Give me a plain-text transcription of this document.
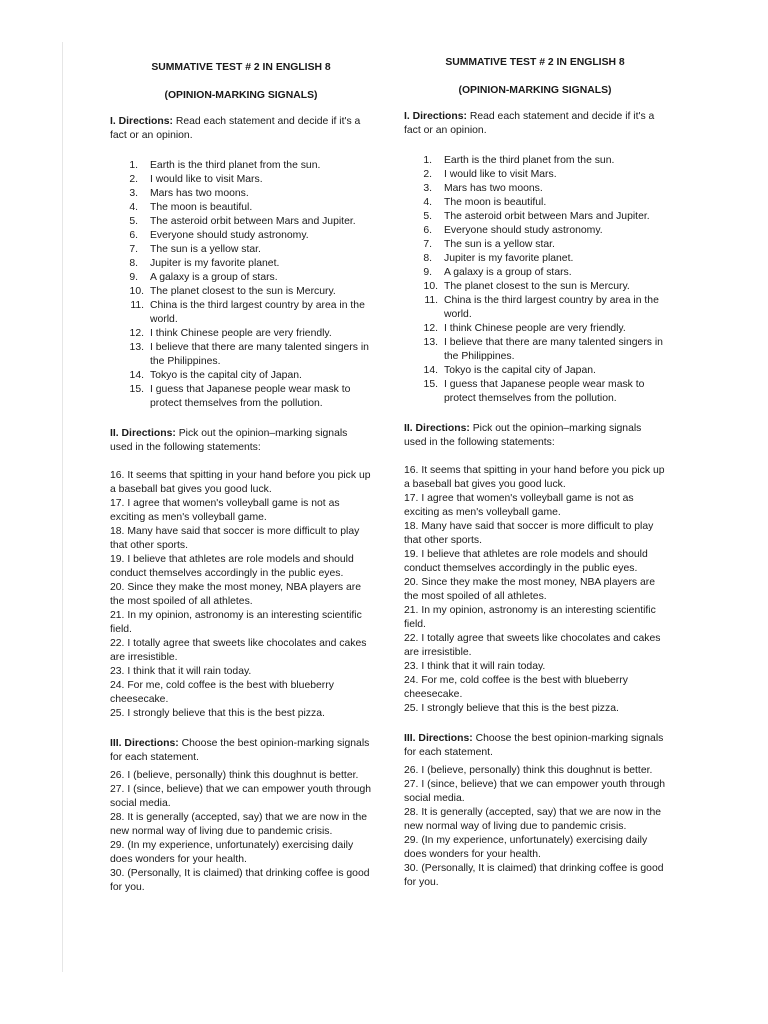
SUMMATIVE TEST # 2 IN ENGLISH 8

(OPINION-MARKING SIGNALS)

I. Directions: Read each statement and decide if it's a fact or an opinion.

1.	Earth is the third planet from the sun.
2.	I would like to visit Mars.
3.	Mars has two moons.
4.	The moon is beautiful.
5.	The asteroid orbit between Mars and Jupiter.
6.	Everyone should study astronomy.
7.	The sun is a yellow star.
8.	Jupiter is my favorite planet.
9.	A galaxy is a group of stars.
10. The planet closest to the sun is Mercury.
11. China is the third largest country by area in the world.
12. I think Chinese people are very friendly.
13. I believe that there are many talented singers in the Philippines.
14. Tokyo is the capital city of Japan.
15. I guess that Japanese people wear mask to protect themselves from the pollution.

II. Directions: Pick out the opinion–marking signals used in the following statements:

16. It seems that spitting in your hand before you pick up a baseball bat gives you good luck.

17. I agree that women's volleyball game is not as exciting as men's volleyball game.

18. Many have said that soccer is more difficult to play that other sports.

19. I believe that athletes are role models and should conduct themselves accordingly in the public eyes.

20. Since they make the most money, NBA players are the most spoiled of all athletes.

21. In my opinion, astronomy is an interesting scientific field.

22. I totally agree that sweets like chocolates and cakes are irresistible.

23. I think that it will rain today.

24. For me, cold coffee is the best with blueberry cheesecake.

25. I strongly believe that this is the best pizza.

III. Directions: Choose the best opinion-marking signals for each statement.

26. I (believe, personally) think this doughnut is better.

27. I (since, believe) that we can empower youth through social media.

28. It is generally (accepted, say) that we are now in the new normal way of living due to pandemic crisis.

29. (In my experience, unfortunately) exercising daily does wonders for your health.

30. (Personally, It is claimed) that drinking coffee is good for you.

SUMMATIVE TEST # 2 IN ENGLISH 8

(OPINION-MARKING SIGNALS)

I. Directions: Read each statement and decide if it's a fact or an opinion.

1.	Earth is the third planet from the sun.
2.	I would like to visit Mars.
3.	Mars has two moons.
4.	The moon is beautiful.
5.	The asteroid orbit between Mars and Jupiter.
6.	Everyone should study astronomy.
7.	The sun is a yellow star.
8.	Jupiter is my favorite planet.
9.	A galaxy is a group of stars.
10. The planet closest to the sun is Mercury.
11. China is the third largest country by area in the world.
12. I think Chinese people are very friendly.
13. I believe that there are many talented singers in the Philippines.
14. Tokyo is the capital city of Japan.
15. I guess that Japanese people wear mask to protect themselves from the pollution.

II. Directions: Pick out the opinion–marking signals used in the following statements:

16. It seems that spitting in your hand before you pick up a baseball bat gives you good luck.

17. I agree that women's volleyball game is not as exciting as men's volleyball game.

18. Many have said that soccer is more difficult to play that other sports.

19. I believe that athletes are role models and should conduct themselves accordingly in the public eyes.

20. Since they make the most money, NBA players are the most spoiled of all athletes.

21. In my opinion, astronomy is an interesting scientific field.

22. I totally agree that sweets like chocolates and cakes are irresistible.

23. I think that it will rain today.

24. For me, cold coffee is the best with blueberry cheesecake.

25. I strongly believe that this is the best pizza.

III. Directions: Choose the best opinion-marking signals for each statement.

26. I (believe, personally) think this doughnut is better.

27. I (since, believe) that we can empower youth through social media.

28. It is generally (accepted, say) that we are now in the new normal way of living due to pandemic crisis.

29. (In my experience, unfortunately) exercising daily does wonders for your health.

30. (Personally, It is claimed) that drinking coffee is good for you.
